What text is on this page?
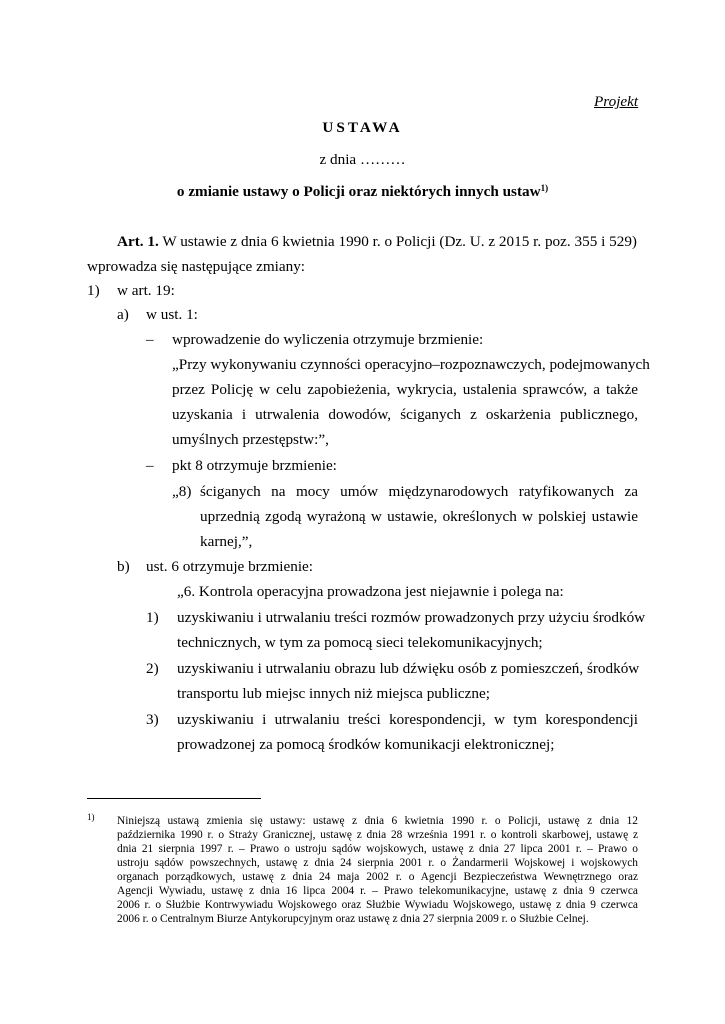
Projekt
USTAWA
z dnia ………
o zmianie ustawy o Policji oraz niektórych innych ustaw$^{1)}$
Art. 1. W ustawie z dnia 6 kwietnia 1990 r. o Policji (Dz. U. z 2015 r. poz. 355 i 529)
wprowadza się następujące zmiany:
1) w art. 19:
a) w ust. 1:
– wprowadzenie do wyliczenia otrzymuje brzmienie:
„Przy wykonywaniu czynności operacyjno–rozpoznawczych, podejmowanych
przez Policję w celu zapobieżenia, wykrycia, ustalenia sprawców, a także
uzyskania i utrwalenia dowodów, ściganych z oskarżenia publicznego,
umyślnych przestępstw:”,
– pkt 8 otrzymuje brzmienie:
„8) ściganych na mocy umów międzynarodowych ratyfikowanych za
uprzednią zgodą wyrażoną w ustawie, określonych w polskiej ustawie
karnej,”,
b) ust. 6 otrzymuje brzmienie:
„6. Kontrola operacyjna prowadzona jest niejawnie i polega na:
1) uzyskiwaniu i utrwalaniu treści rozmów prowadzonych przy użyciu środków
technicznych, w tym za pomocą sieci telekomunikacyjnych;
2) uzyskiwaniu i utrwalaniu obrazu lub dźwięku osób z pomieszczeń, środków
transportu lub miejsc innych niż miejsca publiczne;
3) uzyskiwaniu i utrwalaniu treści korespondencji, w tym korespondencji
prowadzonej za pomocą środków komunikacji elektronicznej;
1) Niniejszą ustawą zmienia się ustawy: ustawę z dnia 6 kwietnia 1990 r. o Policji, ustawę z dnia 12
października 1990 r. o Straży Granicznej, ustawę z dnia 28 września 1991 r. o kontroli skarbowej, ustawę z
dnia 21 sierpnia 1997 r. – Prawo o ustroju sądów wojskowych, ustawę z dnia 27 lipca 2001 r. – Prawo o
ustroju sądów powszechnych, ustawę z dnia 24 sierpnia 2001 r. o Żandarmerii Wojskowej i wojskowych
organach porządkowych, ustawę z dnia 24 maja 2002 r. o Agencji Bezpieczeństwa Wewnętrznego oraz
Agencji Wywiadu, ustawę z dnia 16 lipca 2004 r. – Prawo telekomunikacyjne, ustawę z dnia 9 czerwca
2006 r. o Służbie Kontrwywiadu Wojskowego oraz Służbie Wywiadu Wojskowego, ustawę z dnia 9 czerwca
2006 r. o Centralnym Biurze Antykorupcyjnym oraz ustawę z dnia 27 sierpnia 2009 r. o Służbie Celnej.
